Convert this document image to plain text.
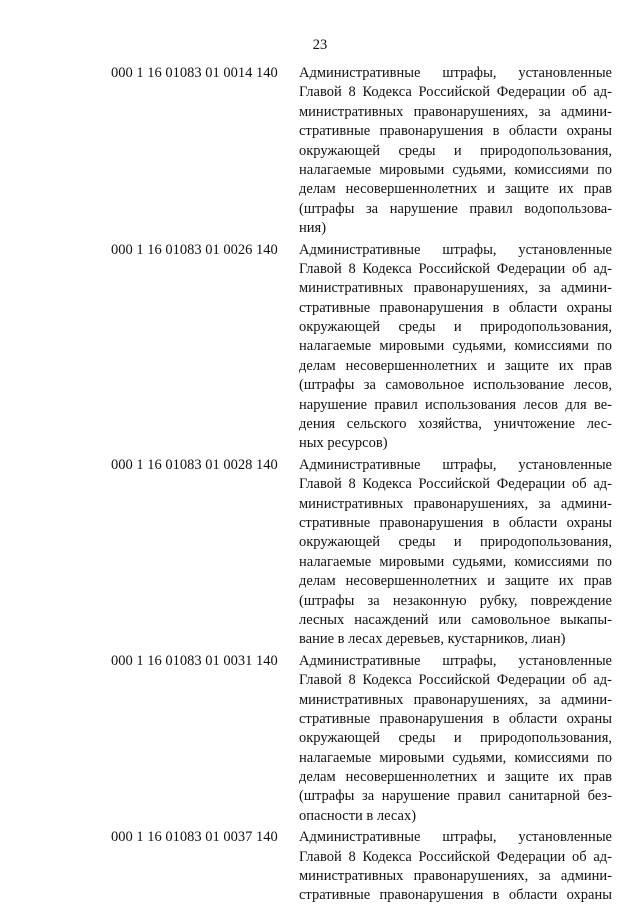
23
000 1 16 01083 01 0014 140	Административные штрафы, установленные
Главой 8 Кодекса Российской Федерации об ад-
министративных правонарушениях, за админи-
стративные правонарушения в области охраны
окружающей среды и природопользования,
налагаемые мировыми судьями, комиссиями по
делам несовершеннолетних и защите их прав
(штрафы за нарушение правил водопользова-
ния)
000 1 16 01083 01 0026 140	Административные штрафы, установленные
Главой 8 Кодекса Российской Федерации об ад-
министративных правонарушениях, за админи-
стративные правонарушения в области охраны
окружающей среды и природопользования,
налагаемые мировыми судьями, комиссиями по
делам несовершеннолетних и защите их прав
(штрафы за самовольное использование лесов,
нарушение правил использования лесов для ве-
дения сельского хозяйства, уничтожение лес-
ных ресурсов)
000 1 16 01083 01 0028 140	Административные штрафы, установленные
Главой 8 Кодекса Российской Федерации об ад-
министративных правонарушениях, за админи-
стративные правонарушения в области охраны
окружающей среды и природопользования,
налагаемые мировыми судьями, комиссиями по
делам несовершеннолетних и защите их прав
(штрафы за незаконную рубку, повреждение
лесных насаждений или самовольное выкапы-
вание в лесах деревьев, кустарников, лиан)
000 1 16 01083 01 0031 140	Административные штрафы, установленные
Главой 8 Кодекса Российской Федерации об ад-
министративных правонарушениях, за админи-
стративные правонарушения в области охраны
окружающей среды и природопользования,
налагаемые мировыми судьями, комиссиями по
делам несовершеннолетних и защите их прав
(штрафы за нарушение правил санитарной без-
опасности в лесах)
000 1 16 01083 01 0037 140	Административные штрафы, установленные
Главой 8 Кодекса Российской Федерации об ад-
министративных правонарушениях, за админи-
стративные правонарушения в области охраны
